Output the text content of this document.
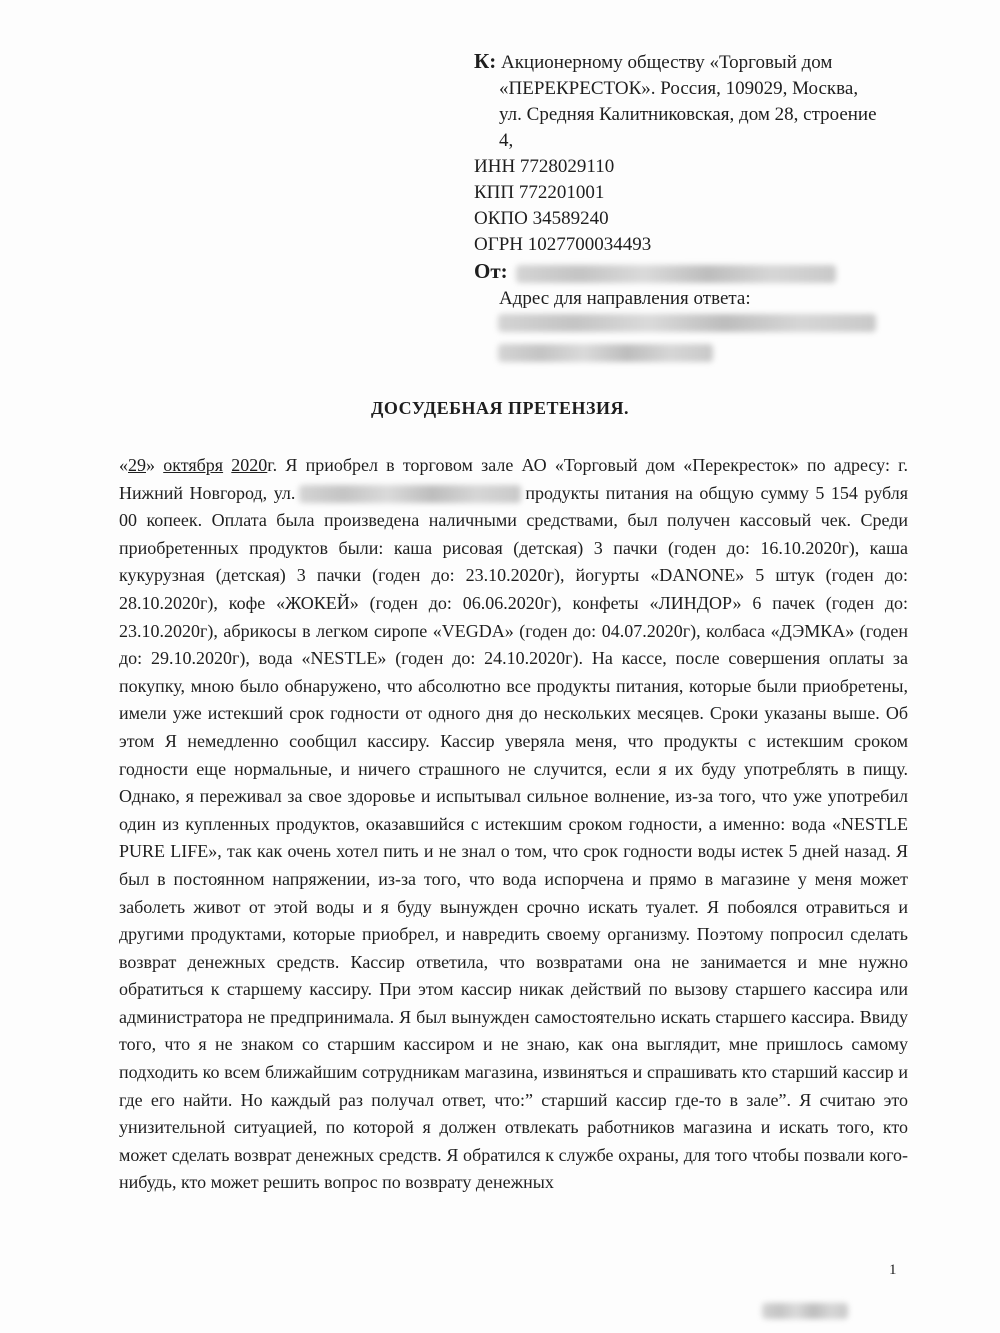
К: Акционерному обществу «Торговый дом
«ПЕРЕКРЕСТОК». Россия, 109029, Москва,
ул. Средняя Калитниковская, дом 28, строение
4,
ИНН 7728029110
КПП 772201001
ОКПО 34589240
ОГРН 1027700034493
От:
Адрес для направления ответа:
ДОСУДЕБНАЯ ПРЕТЕНЗИЯ.

«29» октября 2020г. Я приобрел в торговом зале АО «Торговый дом «Перекресток» по адресу: г. Нижний Новгород, ул.	продукты питания на общую сумму 5 154 рубля 00 копеек. Оплата была произведена наличными средствами, был получен кассовый чек. Среди приобретенных продуктов были: каша рисовая (детская) 3 пачки (годен до: 16.10.2020г), каша кукурузная (детская) 3 пачки (годен до: 23.10.2020г), йогурты «DANONE» 5 штук (годен до: 28.10.2020г), кофе «ЖОКЕЙ» (годен до: 06.06.2020г), конфеты «ЛИНДОР» 6 пачек (годен до: 23.10.2020г), абрикосы в легком сиропе «VEGDA» (годен до: 04.07.2020г), колбаса «ДЭМКА» (годен до: 29.10.2020г), вода «NESTLE» (годен до: 24.10.2020г). На кассе, после совершения оплаты за покупку, мною было обнаружено, что абсолютно все продукты питания, которые были приобретены, имели уже истекший срок годности от одного дня до нескольких месяцев. Сроки указаны выше. Об этом Я немедленно сообщил кассиру. Кассир уверяла меня, что продукты с истекшим сроком годности еще нормальные, и ничего страшного не случится, если я их буду употреблять в пищу. Однако, я переживал за свое здоровье и испытывал сильное волнение, из-за того, что уже употребил один из купленных продуктов, оказавшийся с истекшим сроком годности, а именно: вода «NESTLE PURE LIFE», так как очень хотел пить и не знал о том, что срок годности воды истек 5 дней назад. Я был в постоянном напряжении, из-за того, что вода испорчена и прямо в магазине у меня может заболеть живот от этой воды и я буду вынужден срочно искать туалет. Я побоялся отравиться и другими продуктами, которые приобрел, и навредить своему организму. Поэтому попросил сделать возврат денежных средств. Кассир ответила, что возвратами она не занимается и мне нужно обратиться к старшему кассиру. При этом кассир никак действий по вызову старшего кассира или администратора не предпринимала. Я был вынужден самостоятельно искать старшего кассира. Ввиду того, что я не знаком со старшим кассиром и не знаю, как она выглядит, мне пришлось самому подходить ко всем ближайшим сотрудникам магазина, извиняться и спрашивать кто старший кассир и где его найти. Но каждый раз получал ответ, что:” старший кассир где-то в зале”. Я считаю это унизительной ситуацией, по которой я должен отвлекать работников магазина и искать того, кто может сделать возврат денежных средств. Я обратился к службе охраны, для того чтобы позвали кого-нибудь, кто может решить вопрос по возврату денежных

1
